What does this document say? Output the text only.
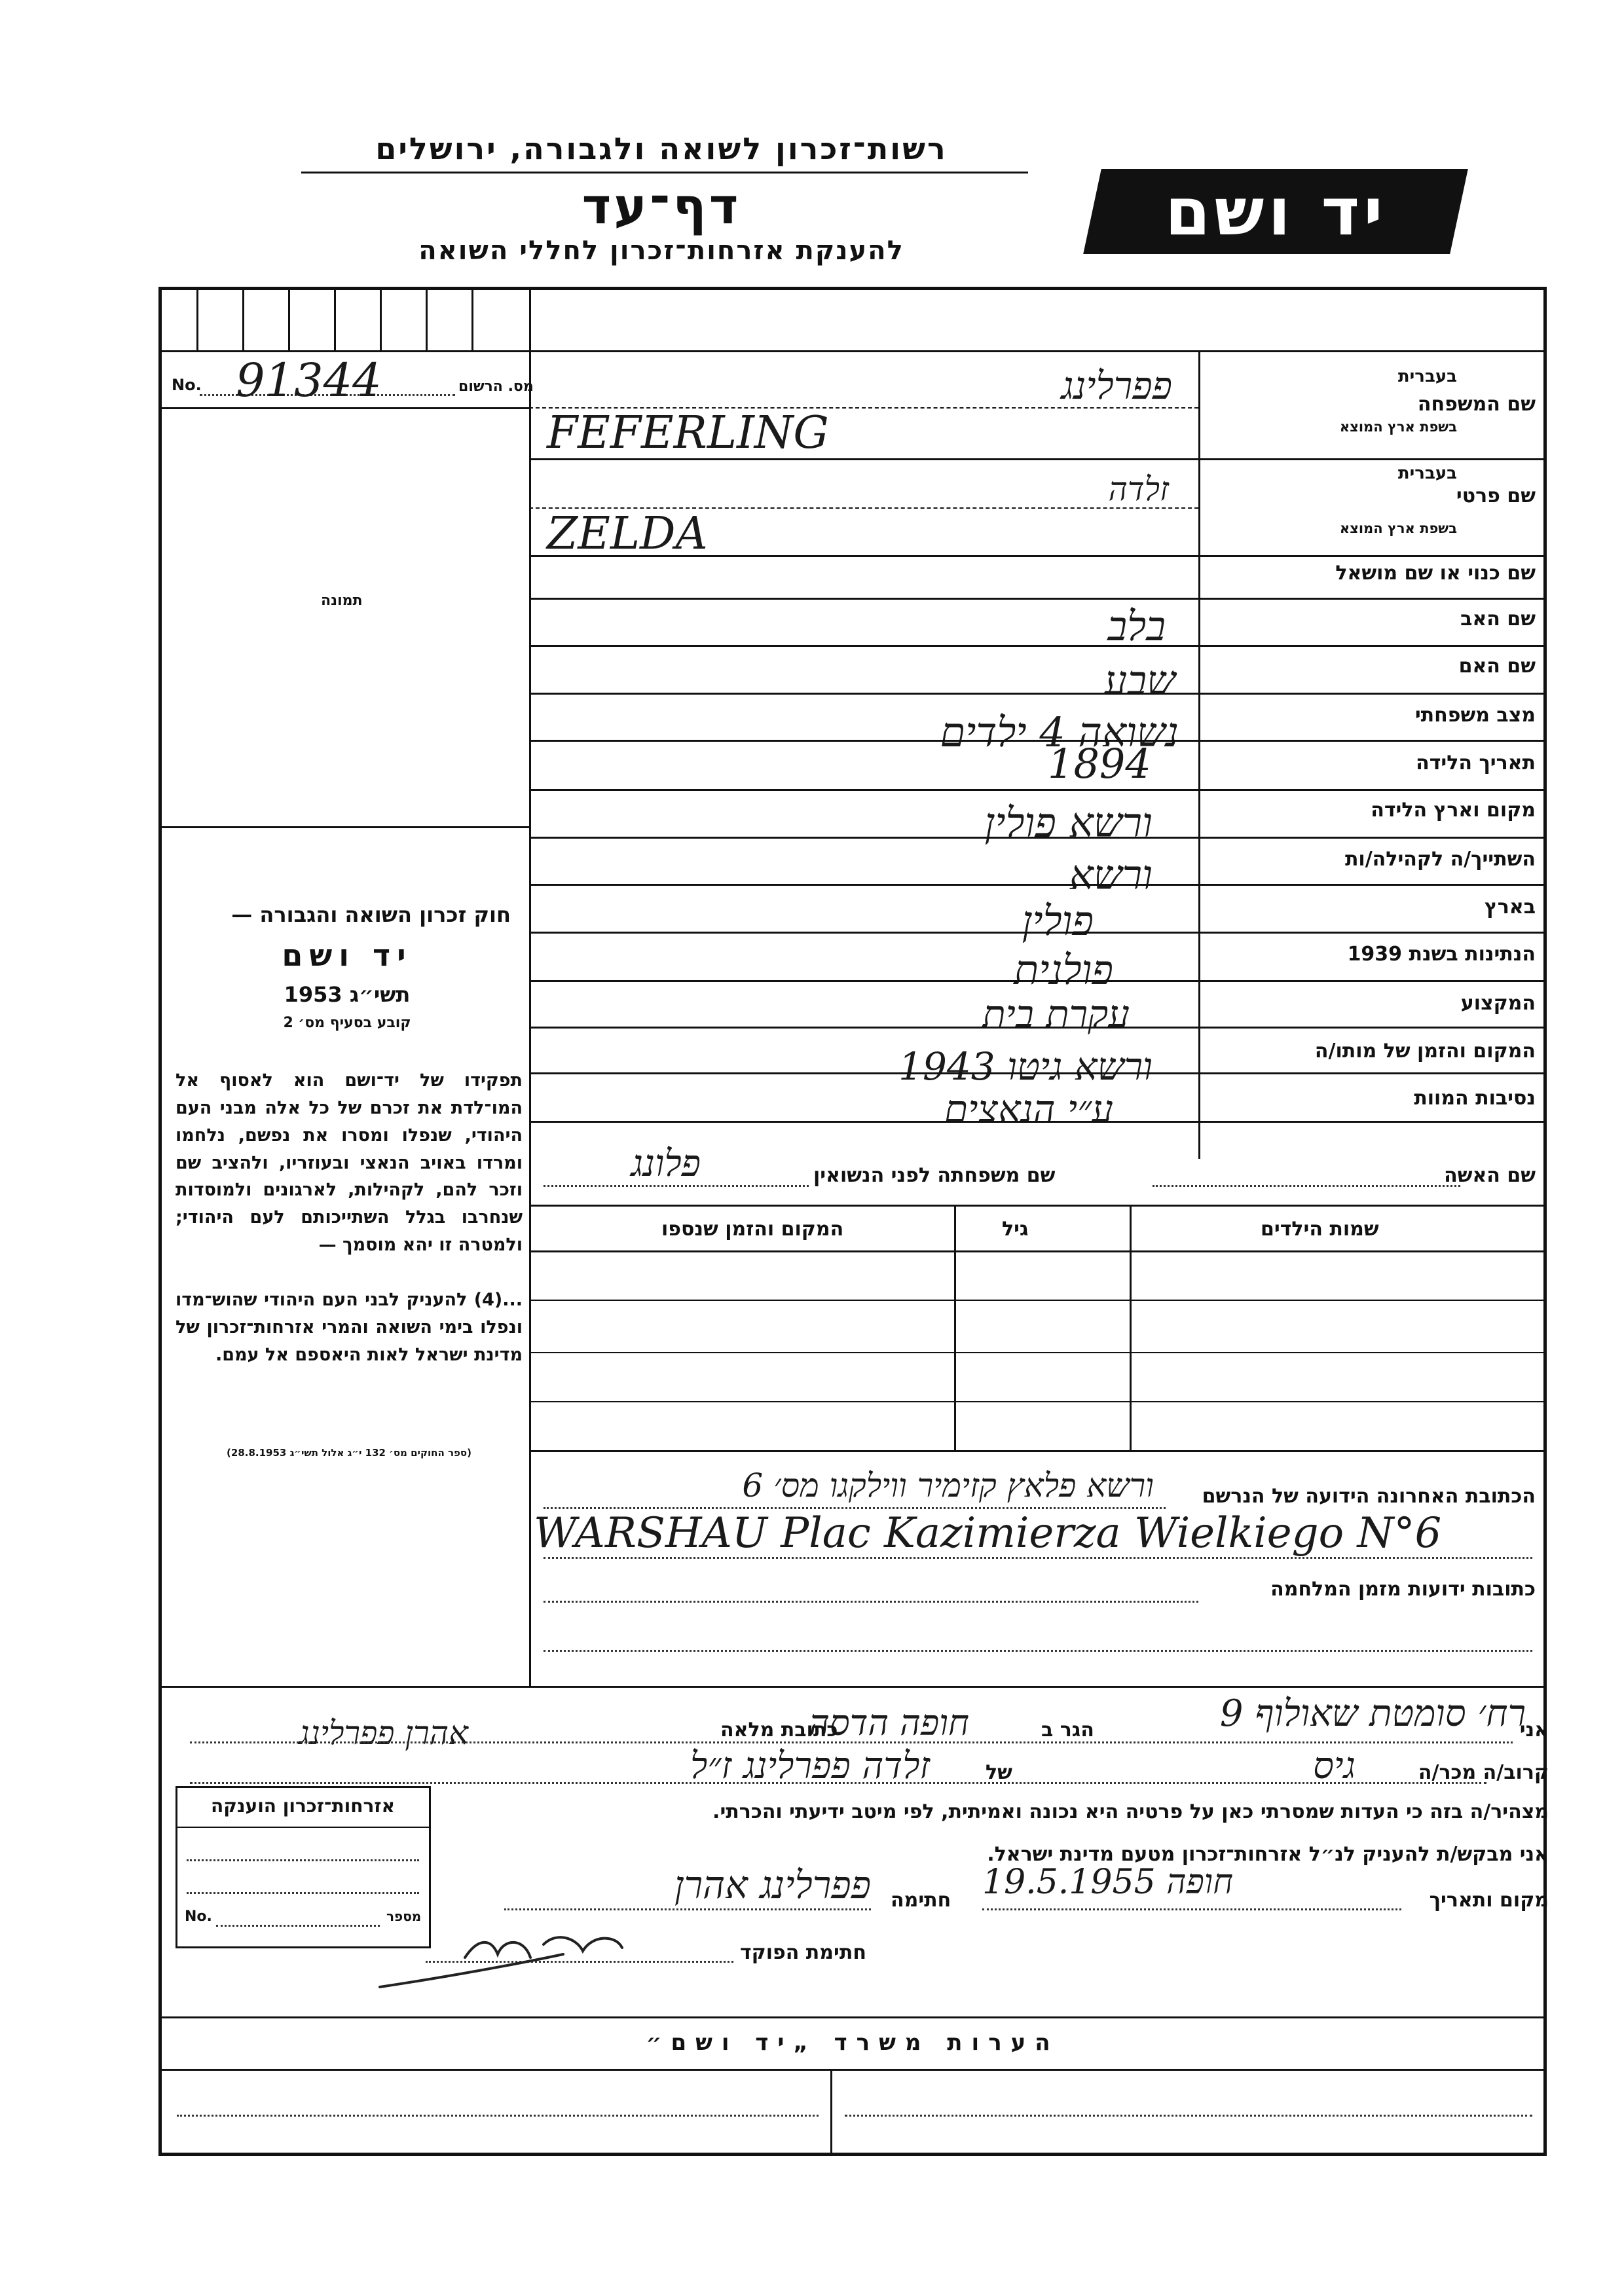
רשות־זכרון לשואה ולגבורה, ירושלים
דף־עד
להענקת אזרחות־זכרון לחללי השואה
יד ושם
מס. הרשום
No. 91344
תמונה
חוק זכרון השואה והגבורה —
יד ושם
תשי״ג 1953
קובע בסעיף מס׳ 2
תפקידו של יד־ושם הוא לאסוף אל המו־לדת את זכרם של כל אלה מבני העם היהודי, שנפלו ומסרו את נפשם, נלחמו ומרדו באויב הנאצי ובעוזריו, ולהציב שם וזכר להם, לקהילות, לארגונים ולמוסדות שנחרבו בגלל השתייכותם לעם היהודי; ולמטרה זו יהא מוסמך —
...(4) להעניק לבני העם היהודי שהוש־מדו ונפלו בימי השואה והמרי אזרחות־זכרון של מדינת ישראל לאות היאספם אל עמם.
(ספר החוקים מס׳ 132 י״ג אלול תשי״ג 28.8.1953)
שם המשפחה
בעברית
בשפת ארץ המוצא
פפרלינג
FEFERLING
שם פרטי
בעברית
בשפת ארץ המוצא
זלדה
ZELDA
שם כנוי או שם מושאל
שם האב
בלב
שם האם
שבע
מצב משפחתי
נשואה 4 ילדים
תאריך הלידה
1894
מקום וארץ הלידה
ורשא פולין
השתייך/ה לקהילה/ות
ורשא
בארץ
פולין
הנתינות בשנת 1939
פולנית
המקצוע
עקרת בית
המקום והזמן של מותו/ה
ורשא גיטו 1943
נסיבות המוות
ע״י הנאצים
שם האשה
שם משפחתה לפני הנשואין
פלונג
שמות הילדים
גיל
המקום והזמן שנספו
הכתובת האחרונה הידועה של הנרשם
ורשא פלאץ קזימיר ווילקגו מס׳ 6
WARSHAU Plac Kazimierza Wielkiego N°6
כתובות ידועות מזמן המלחמה
אני
אהרן פפרלינג	הגר ב
חופה הדסה
כתובת מלאה	רח׳ סומטת שאולוף 9
קרוב/ה מכר/ה
גיס
של
זלדה פפרלינג ז״ל
מצהיר/ה בזה כי העדות שמסרתי כאן על פרטיה היא נכונה ואמיתית, לפי מיטב ידיעתי והכרתי.
אני מבקש/ת להעניק לנ״ל אזרחות־זכרון מטעם מדינת ישראל.
מקום ותאריך
חופה 19.5.1955
חתימה
פפרלינג אהרן
חתימת הפוקד
אזרחות־זכרון הוענקה
מספר
No.
הערות משרד „יד ושם״
